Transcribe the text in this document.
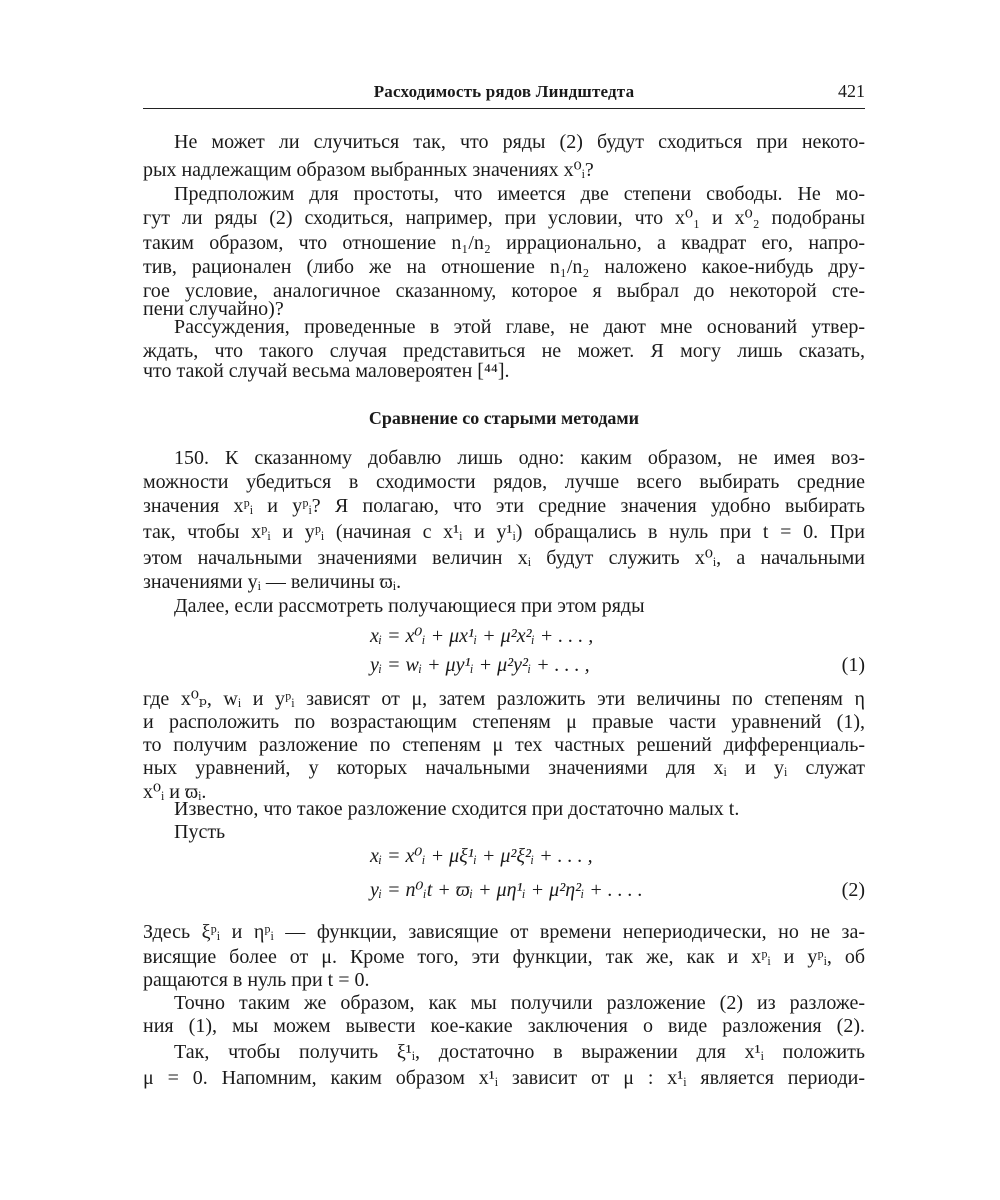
Расходимость рядов Линдштедта	421
Не может ли случиться так, что ряды (2) будут сходиться при некото-
рых надлежащим образом выбранных значениях x⁰ᵢ?
Предположим для простоты, что имеется две степени свободы. Не мо-
гут ли ряды (2) сходиться, например, при условии, что x⁰₁ и x⁰₂ подобраны
таким образом, что отношение n₁/n₂ иррационально, а квадрат его, напро-
тив, рационален (либо же на отношение n₁/n₂ наложено какое-нибудь дру-
гое условие, аналогичное сказанному, которое я выбрал до некоторой сте-
пени случайно)?
Рассуждения, проведенные в этой главе, не дают мне оснований утвер-
ждать, что такого случая представиться не может. Я могу лишь сказать,
что такой случай весьма маловероятен [⁴⁴].
Сравнение со старыми методами
150. К сказанному добавлю лишь одно: каким образом, не имея воз-
можности убедиться в сходимости рядов, лучше всего выбирать средние
значения xᵖᵢ и yᵖᵢ? Я полагаю, что эти средние значения удобно выбирать
так, чтобы xᵖᵢ и yᵖᵢ (начиная с x¹ᵢ и y¹ᵢ) обращались в нуль при t = 0. При
этом начальными значениями величин xᵢ будут служить x⁰ᵢ, а начальными
значениями yᵢ — величины ϖᵢ.
Далее, если рассмотреть получающиеся при этом ряды
xᵢ = x⁰ᵢ + μx¹ᵢ + μ²x²ᵢ + . . . ,
yᵢ = wᵢ + μy¹ᵢ + μ²y²ᵢ + . . . ,	(1)
где x⁰ₚ, wᵢ и yᵖᵢ зависят от μ, затем разложить эти величины по степеням η
и расположить по возрастающим степеням μ правые части уравнений (1),
то получим разложение по степеням μ тех частных решений дифференциаль-
ных уравнений, у которых начальными значениями для xᵢ и yᵢ служат
x⁰ᵢ и ϖᵢ.
Известно, что такое разложение сходится при достаточно малых t.
Пусть
xᵢ = x⁰ᵢ + μξ¹ᵢ + μ²ξ²ᵢ + . . . ,
yᵢ = n⁰ᵢt + ϖᵢ + μη¹ᵢ + μ²η²ᵢ + . . . .	(2)
Здесь ξᵖᵢ и ηᵖᵢ — функции, зависящие от времени непериодически, но не за-
висящие более от μ. Кроме того, эти функции, так же, как и xᵖᵢ и yᵖᵢ, об
ращаются в нуль при t = 0.
Точно таким же образом, как мы получили разложение (2) из разложе-
ния (1), мы можем вывести кое-какие заключения о виде разложения (2).
Так, чтобы получить ξ¹ᵢ, достаточно в выражении для x¹ᵢ положить
μ = 0. Напомним, каким образом x¹ᵢ зависит от μ : x¹ᵢ является периоди-
